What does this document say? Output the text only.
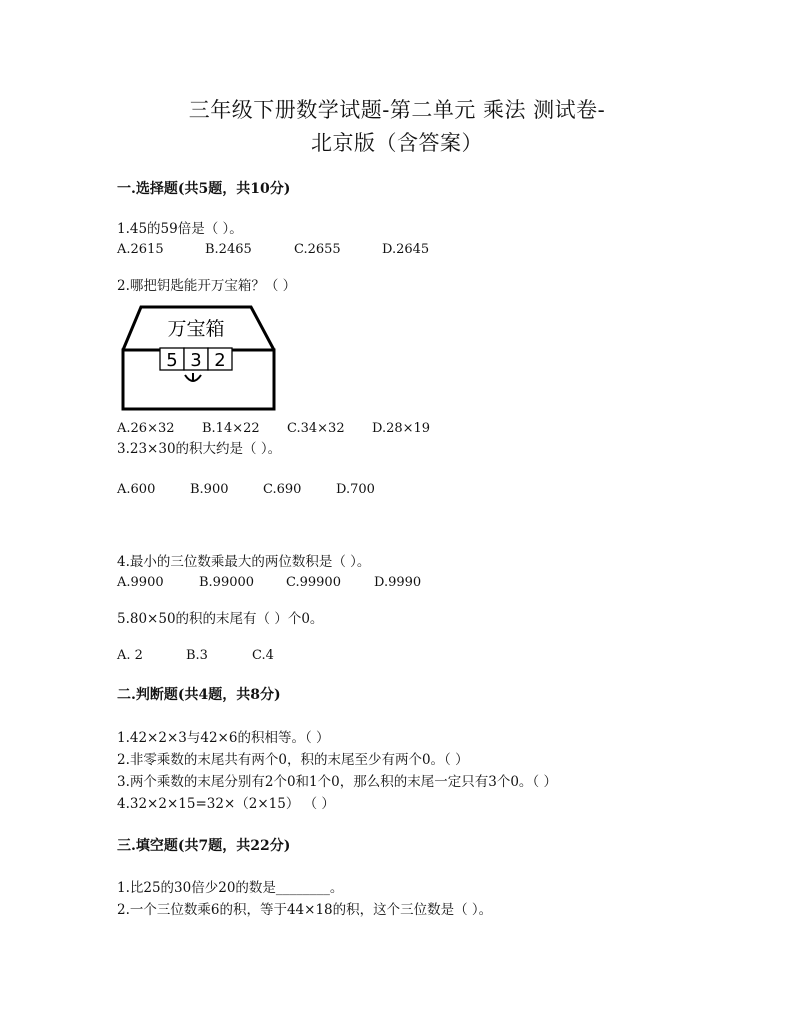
三年级下册数学试题-第二单元 乘法 测试卷-
北京版（含答案）
一.选择题(共5题，共10分)
1.45的59倍是（ ）。
A.2615	B.2465	C.2655	D.2645
2.哪把钥匙能开万宝箱？（ ）
万宝箱
5 3 2
A.26×32 B.14×22 C.34×32 D.28×19
3.23×30的积大约是（ ）。
A.600	B.900	C.690	D.700
4.最小的三位数乘最大的两位数积是（ ）。
A.9900	B.99000 C.99900	D.9990
5.80×50的积的末尾有（ ）个0。
A. 2	B.3	C.4
二.判断题(共4题，共8分)
1.42×2×3与42×6的积相等。（ ）
2.非零乘数的末尾共有两个0，积的末尾至少有两个0。（ ）
3.两个乘数的末尾分别有2个0和1个0，那么积的末尾一定只有3个0。（ ）
4.32×2×15=32×（2×15） （ ）
三.填空题(共7题，共22分)
1.比25的30倍少20的数是________。
2.一个三位数乘6的积，等于44×18的积，这个三位数是（ ）。
